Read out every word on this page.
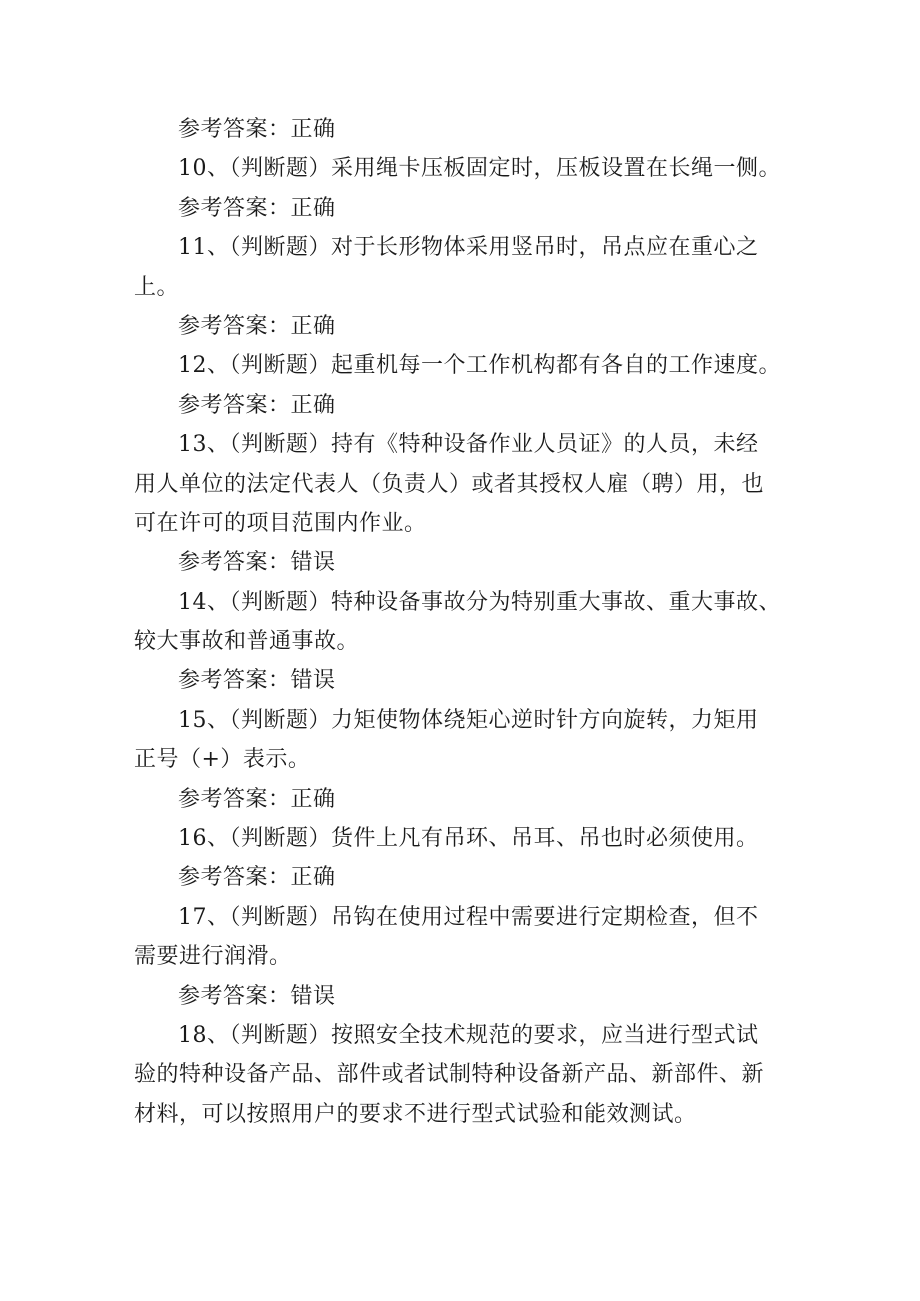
参考答案：正确
10、（判断题）采用绳卡压板固定时，压板设置在长绳一侧。
参考答案：正确
11、（判断题）对于长形物体采用竖吊时，吊点应在重心之
上。
参考答案：正确
12、（判断题）起重机每一个工作机构都有各自的工作速度。
参考答案：正确
13、（判断题）持有《特种设备作业人员证》的人员，未经
用人单位的法定代表人（负责人）或者其授权人雇（聘）用，也
可在许可的项目范围内作业。
参考答案：错误
14、（判断题）特种设备事故分为特别重大事故、重大事故、
较大事故和普通事故。
参考答案：错误
15、（判断题）力矩使物体绕矩心逆时针方向旋转，力矩用
正号（+）表示。
参考答案：正确
16、（判断题）货件上凡有吊环、吊耳、吊也时必须使用。
参考答案：正确
17、（判断题）吊钩在使用过程中需要进行定期检查，但不
需要进行润滑。
参考答案：错误
18、（判断题）按照安全技术规范的要求，应当进行型式试
验的特种设备产品、部件或者试制特种设备新产品、新部件、新
材料，可以按照用户的要求不进行型式试验和能效测试。
